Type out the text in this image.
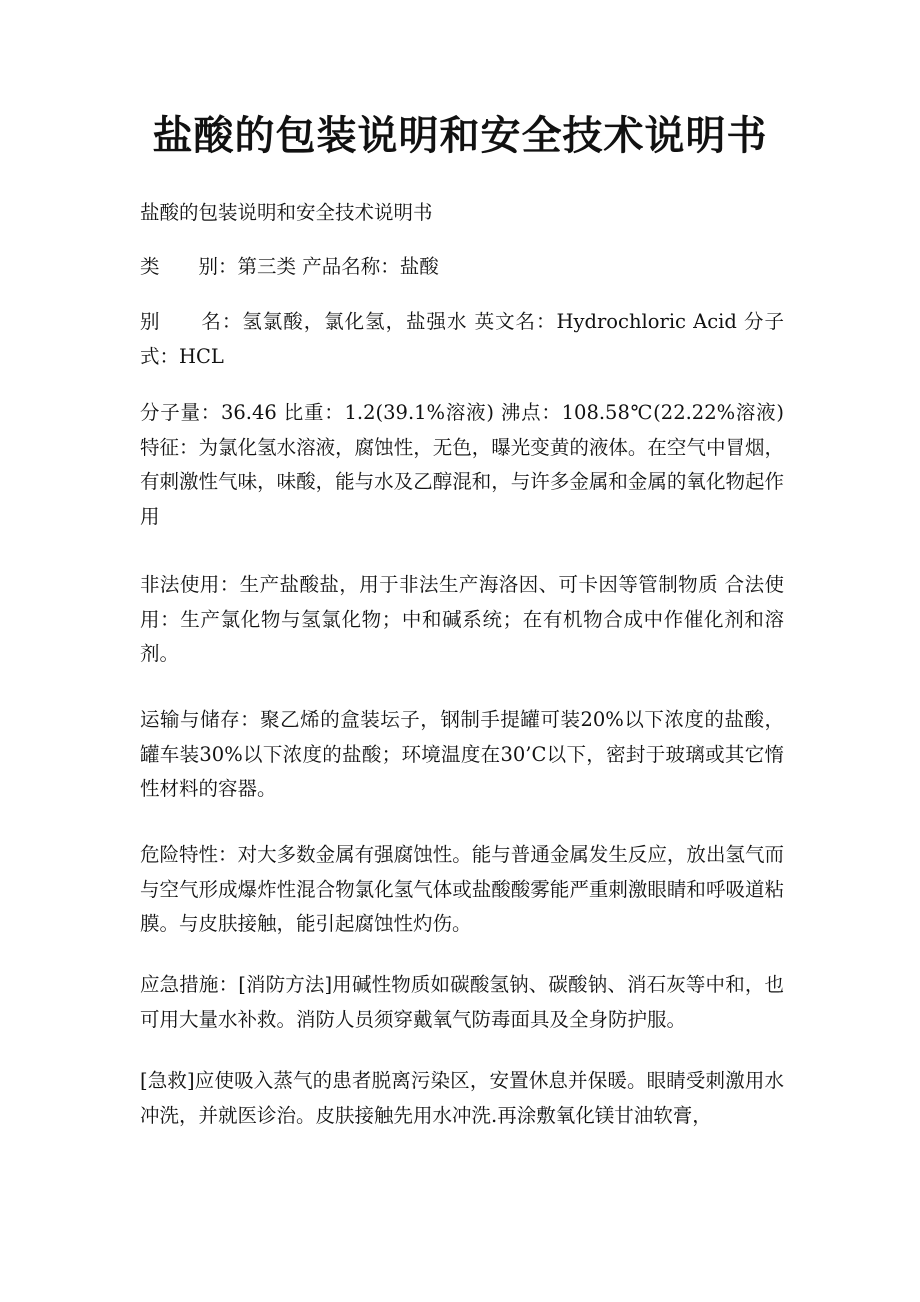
盐酸的包装说明和安全技术说明书

盐酸的包装说明和安全技术说明书

类　　别：第三类 产品名称：盐酸

别　　名：氢氯酸，氯化氢，盐强水 英文名：Hydrochloric Acid 分子式：HCL

分子量：36.46 比重：1.2(39.1%溶液) 沸点：108.58℃(22.22%溶液) 特征：为氯化氢水溶液，腐蚀性，无色，曝光变黄的液体。在空气中冒烟，有刺激性气味，味酸，能与水及乙醇混和，与许多金属和金属的氧化物起作用

非法使用：生产盐酸盐，用于非法生产海洛因、可卡因等管制物质 合法使用：生产氯化物与氢氯化物；中和碱系统；在有机物合成中作催化剂和溶剂。

运输与储存：聚乙烯的盒装坛子，钢制手提罐可装20%以下浓度的盐酸，罐车装30%以下浓度的盐酸；环境温度在30’C以下，密封于玻璃或其它惰性材料的容器。

危险特性：对大多数金属有强腐蚀性。能与普通金属发生反应，放出氢气而与空气形成爆炸性混合物氯化氢气体或盐酸酸雾能严重刺激眼睛和呼吸道粘膜。与皮肤接触，能引起腐蚀性灼伤。

应急措施：[消防方法]用碱性物质如碳酸氢钠、碳酸钠、消石灰等中和，也可用大量水补救。消防人员须穿戴氧气防毒面具及全身防护服。

[急救]应使吸入蒸气的患者脱离污染区，安置休息并保暖。眼睛受刺激用水冲洗，并就医诊治。皮肤接触先用水冲洗.再涂敷氧化镁甘油软膏，
